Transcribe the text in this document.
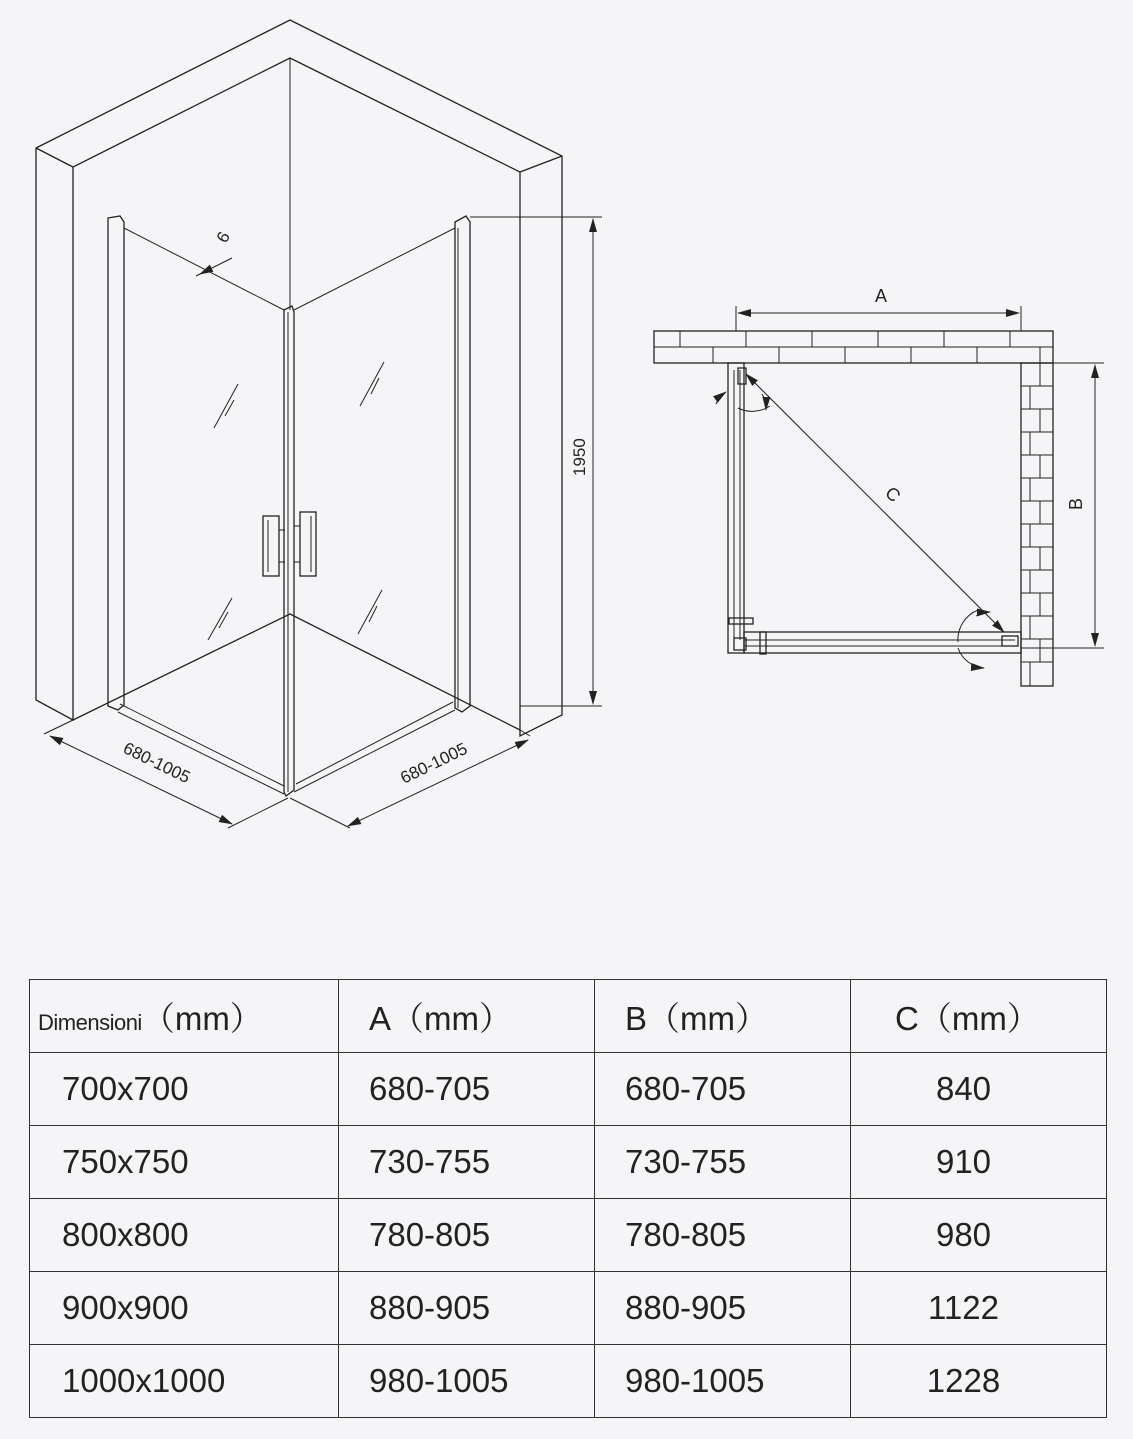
6
1950
680-1005	680-1005
A
B
C
Dimensioni（mm）	A（mm）	B（mm）	C（mm）
700x700	680-705	680-705	840
750x750	730-755	730-755	910
800x800	780-805	780-805	980
900x900	880-905	880-905	1122
1000x1000	980-1005	980-1005	1228
